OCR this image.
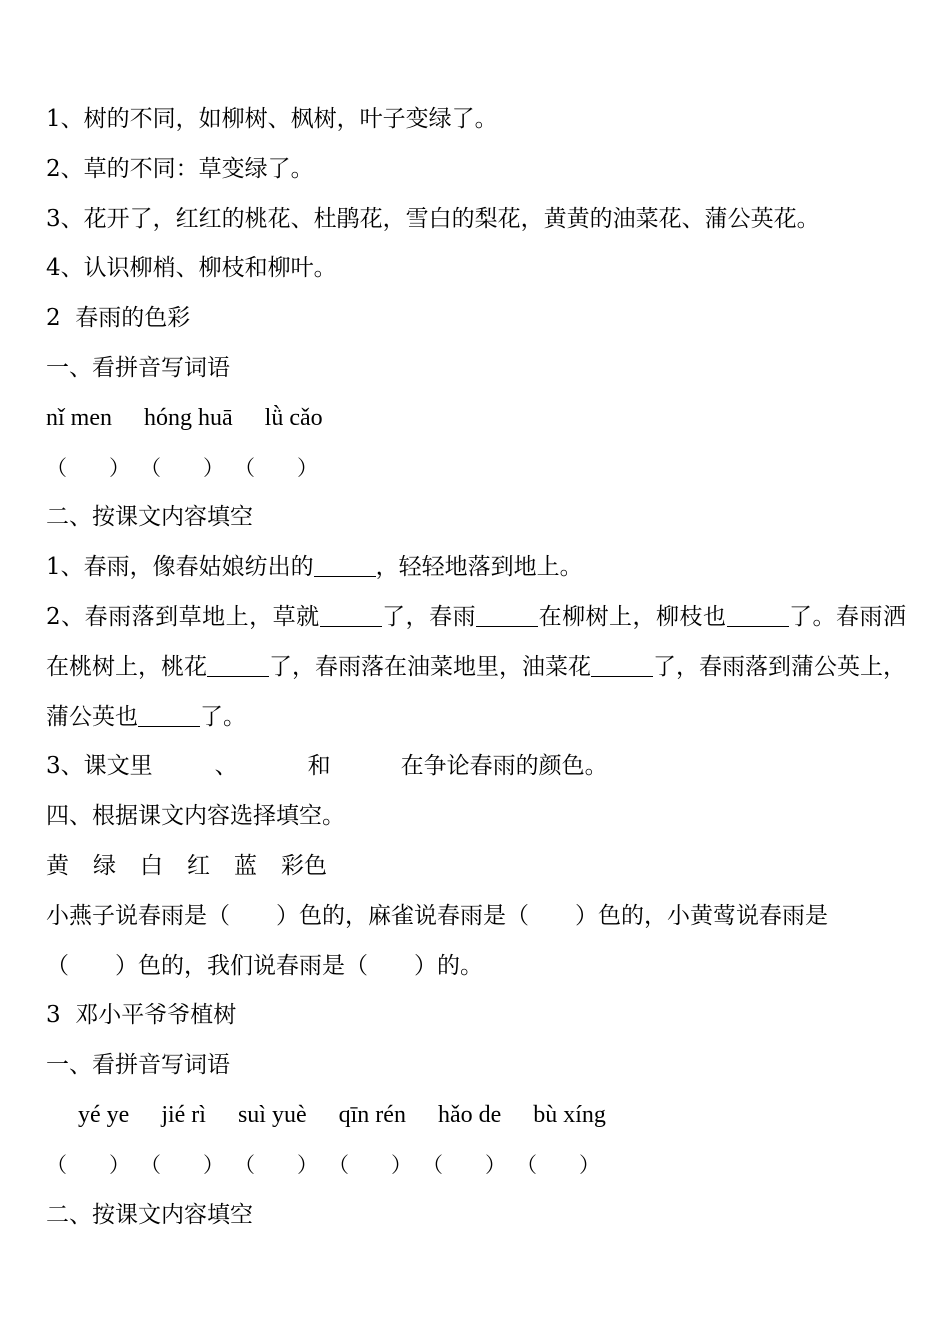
1、树的不同，如柳树、枫树，叶子变绿了。
2、草的不同：草变绿了。
3、花开了，红红的桃花、杜鹃花，雪白的梨花，黄黄的油菜花、蒲公英花。
4、认识柳梢、柳枝和柳叶。
2  春雨的色彩
一、看拼音写词语
nǐ men hóng huā lǜ cǎo
（　　） （　　） （　　）
二、按课文内容填空
1、春雨，像春姑娘纺出的	，轻轻地落到地上。
2、春雨落到草地上，草就	了，春雨	在柳树上，柳枝也	了。春雨洒在桃树上，桃花	了，春雨落在油菜地里，油菜花	了，春雨落到蒲公英上，蒲公英也	了。
3、课文里	、	和	在争论春雨的颜色。
四、根据课文内容选择填空。
黄 绿 白 红 蓝 彩色
小燕子说春雨是（　　）色的，麻雀说春雨是（　　）色的，小黄莺说春雨是（　　）色的，我们说春雨是（　　）的。
3  邓小平爷爷植树
一、看拼音写词语
yé ye jié rì suì yuè qīn rén hǎo de bù xíng
（　　） （　　） （　　） （　　） （　　） （　　）
二、按课文内容填空
